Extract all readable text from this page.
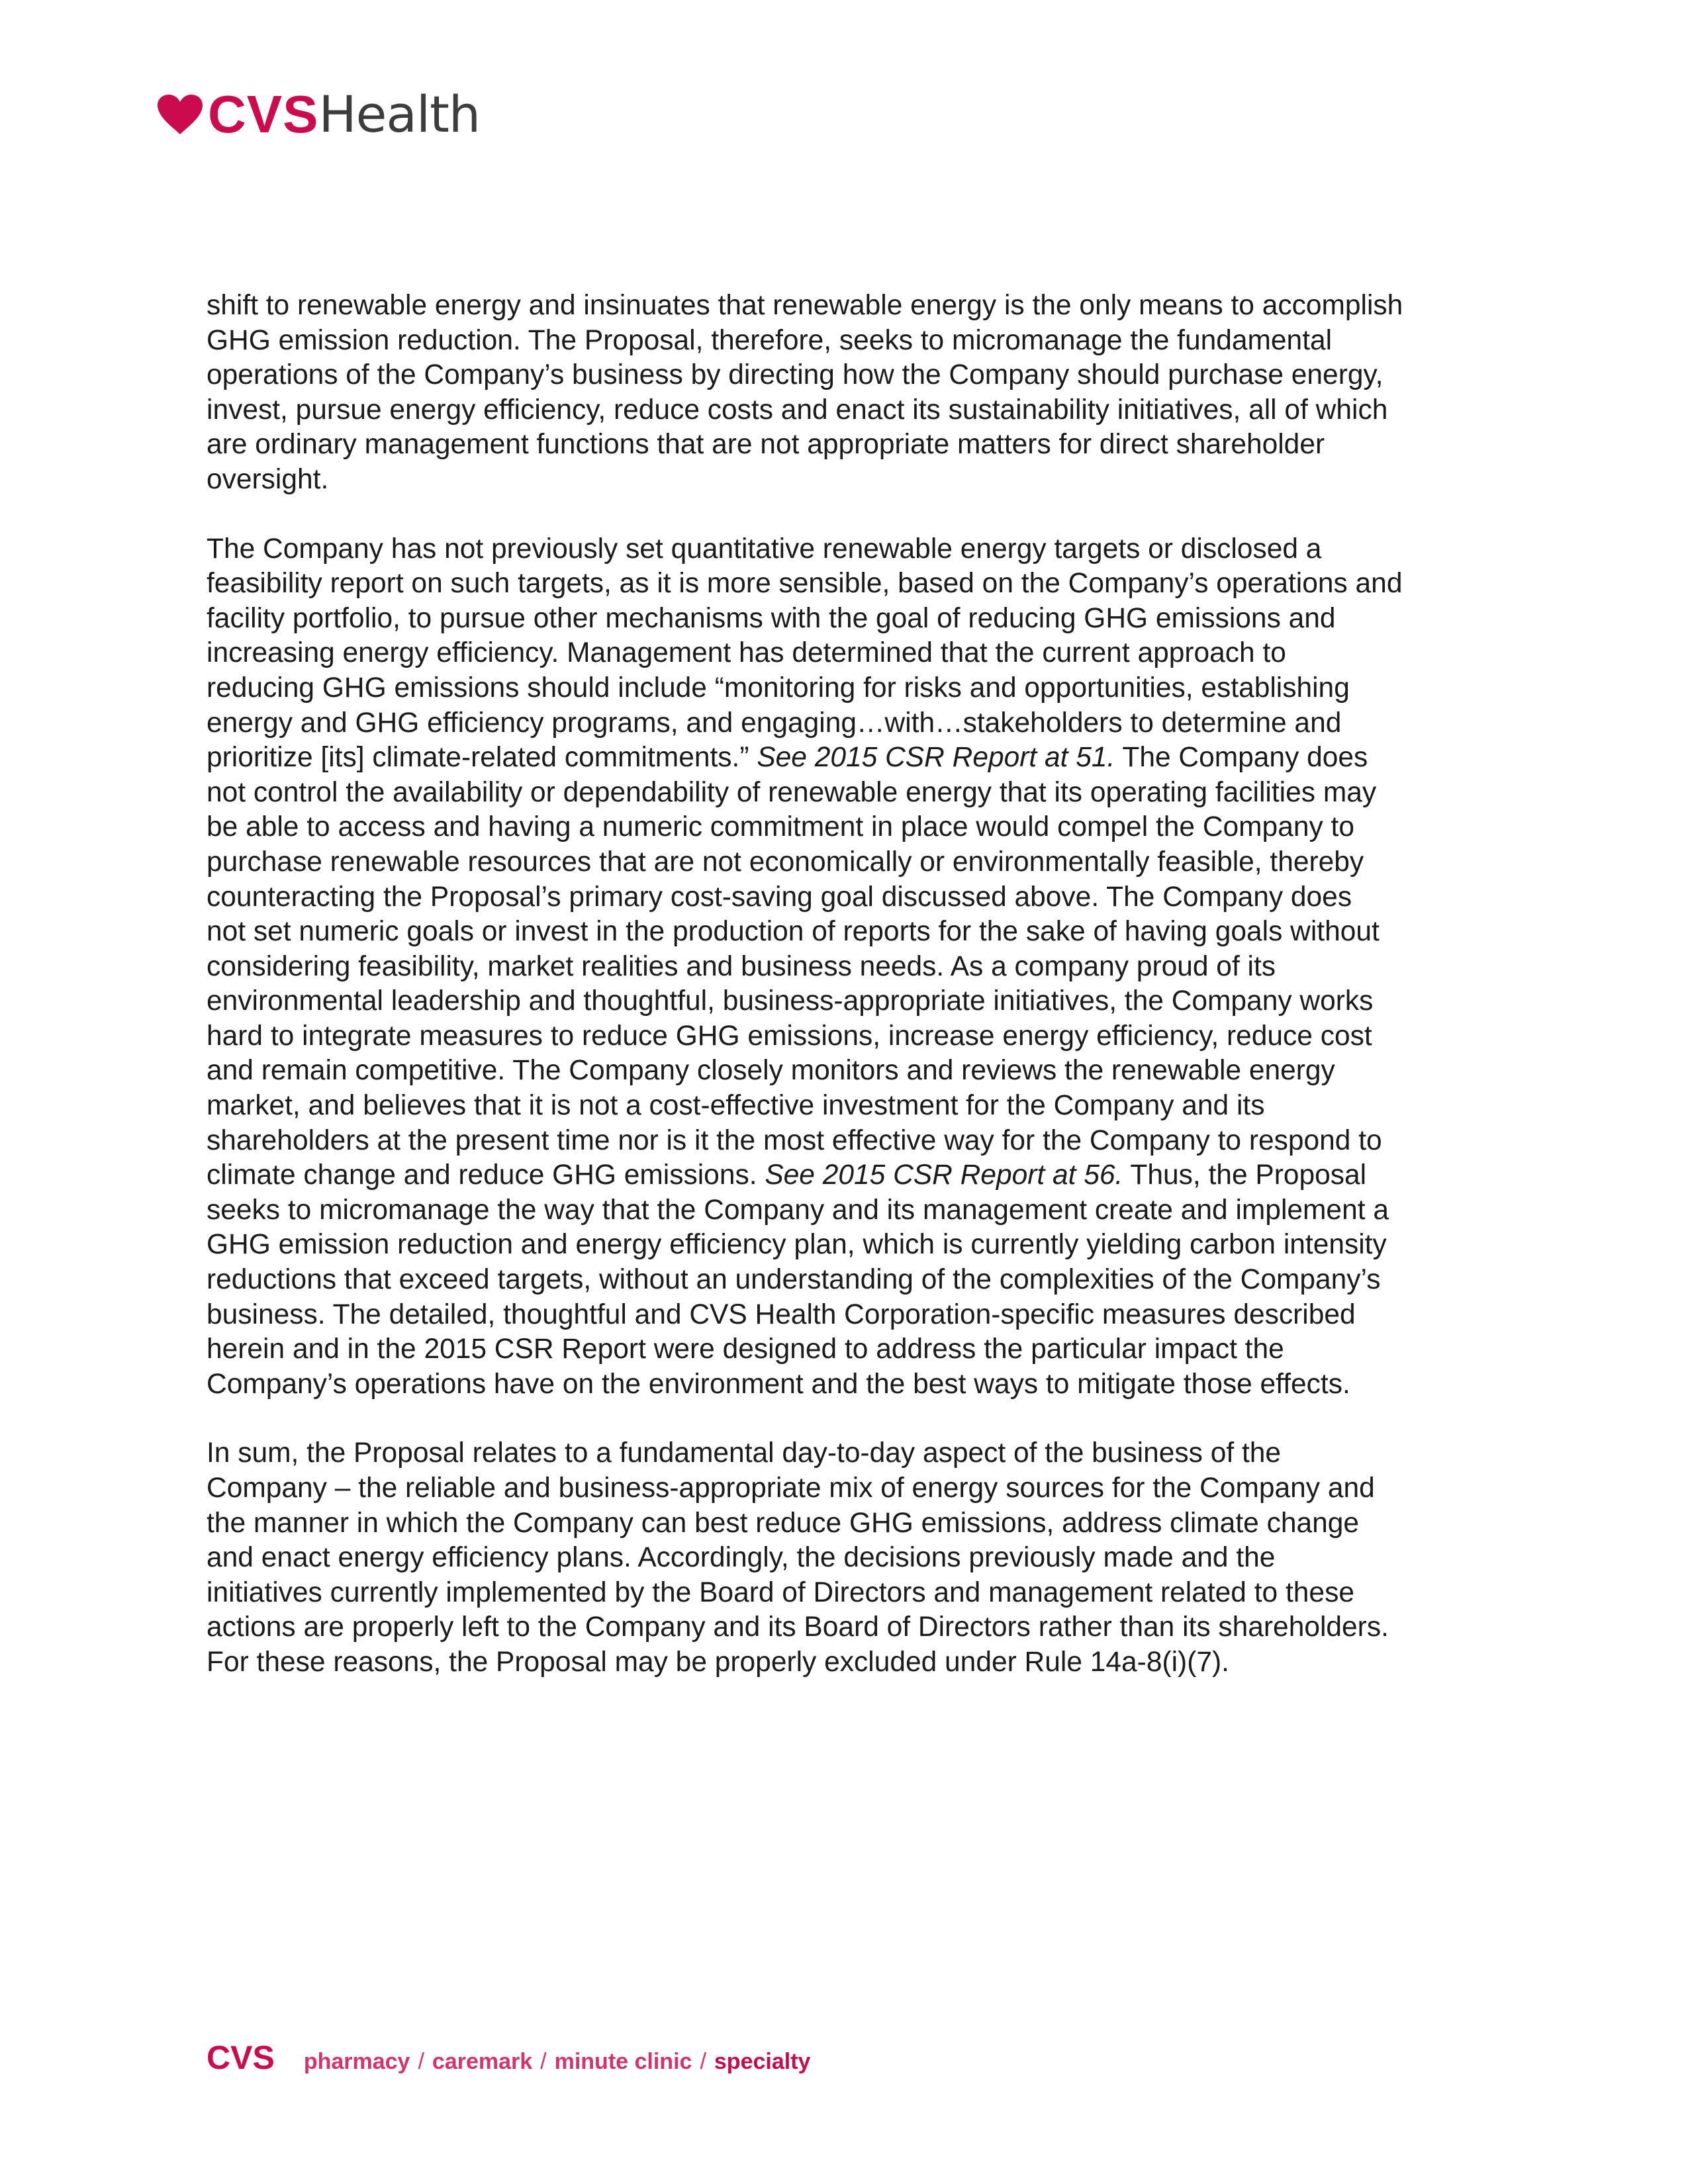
CVS Health

shift to renewable energy and insinuates that renewable energy is the only means to accomplish
GHG emission reduction. The Proposal, therefore, seeks to micromanage the fundamental
operations of the Company’s business by directing how the Company should purchase energy,
invest, pursue energy efficiency, reduce costs and enact its sustainability initiatives, all of which
are ordinary management functions that are not appropriate matters for direct shareholder
oversight.

The Company has not previously set quantitative renewable energy targets or disclosed a
feasibility report on such targets, as it is more sensible, based on the Company’s operations and
facility portfolio, to pursue other mechanisms with the goal of reducing GHG emissions and
increasing energy efficiency. Management has determined that the current approach to
reducing GHG emissions should include “monitoring for risks and opportunities, establishing
energy and GHG efficiency programs, and engaging…with…stakeholders to determine and
prioritize [its] climate-related commitments.” See 2015 CSR Report at 51. The Company does
not control the availability or dependability of renewable energy that its operating facilities may
be able to access and having a numeric commitment in place would compel the Company to
purchase renewable resources that are not economically or environmentally feasible, thereby
counteracting the Proposal’s primary cost-saving goal discussed above. The Company does
not set numeric goals or invest in the production of reports for the sake of having goals without
considering feasibility, market realities and business needs. As a company proud of its
environmental leadership and thoughtful, business-appropriate initiatives, the Company works
hard to integrate measures to reduce GHG emissions, increase energy efficiency, reduce cost
and remain competitive. The Company closely monitors and reviews the renewable energy
market, and believes that it is not a cost-effective investment for the Company and its
shareholders at the present time nor is it the most effective way for the Company to respond to
climate change and reduce GHG emissions. See 2015 CSR Report at 56. Thus, the Proposal
seeks to micromanage the way that the Company and its management create and implement a
GHG emission reduction and energy efficiency plan, which is currently yielding carbon intensity
reductions that exceed targets, without an understanding of the complexities of the Company’s
business. The detailed, thoughtful and CVS Health Corporation-specific measures described
herein and in the 2015 CSR Report were designed to address the particular impact the
Company’s operations have on the environment and the best ways to mitigate those effects.

In sum, the Proposal relates to a fundamental day-to-day aspect of the business of the
Company – the reliable and business-appropriate mix of energy sources for the Company and
the manner in which the Company can best reduce GHG emissions, address climate change
and enact energy efficiency plans. Accordingly, the decisions previously made and the
initiatives currently implemented by the Board of Directors and management related to these
actions are properly left to the Company and its Board of Directors rather than its shareholders.
For these reasons, the Proposal may be properly excluded under Rule 14a-8(i)(7).

CVS pharmacy / caremark / minute clinic / specialty
